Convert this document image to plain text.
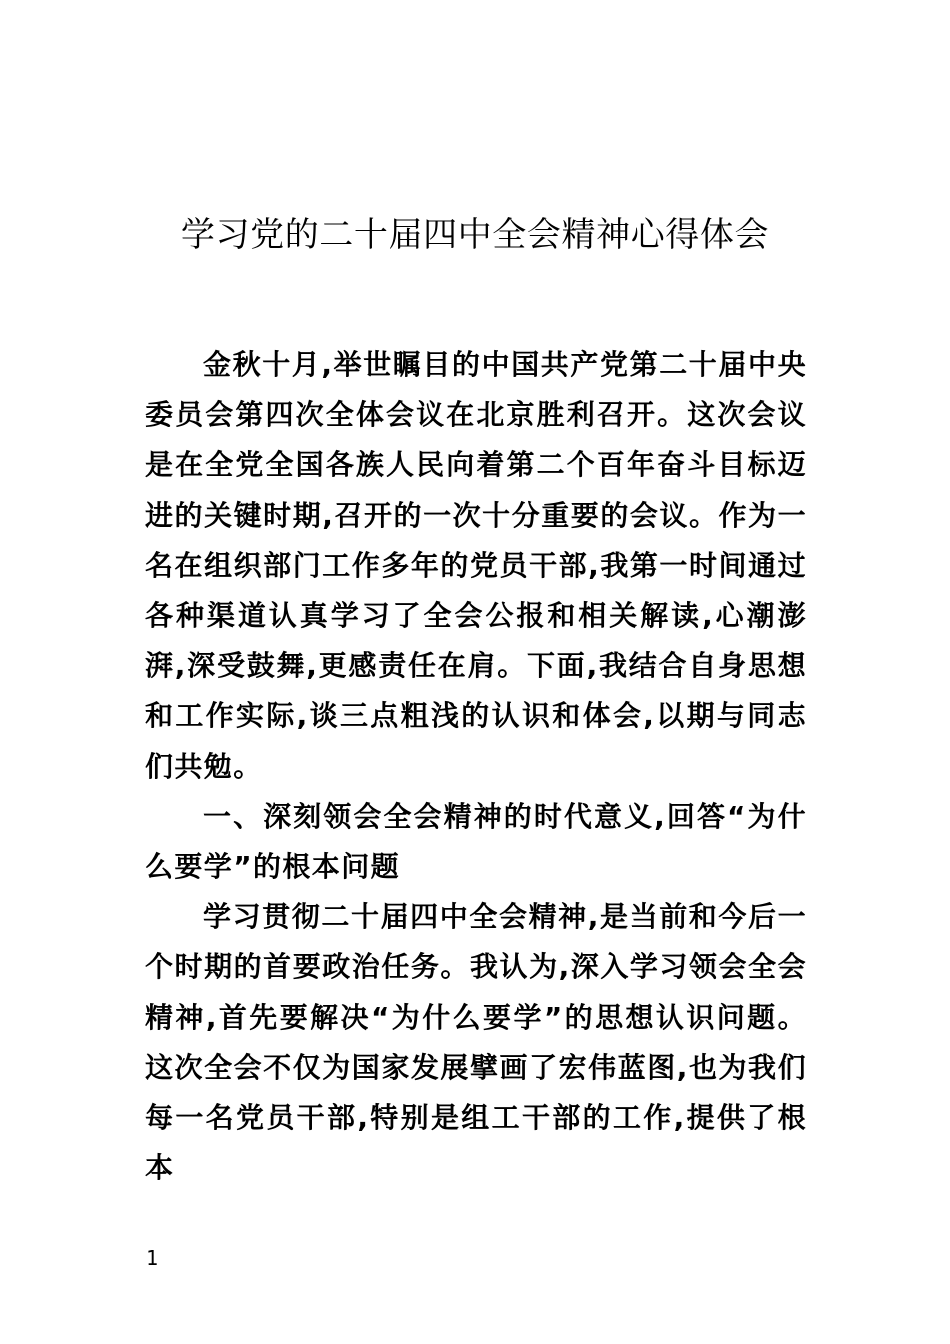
学习党的二十届四中全会精神心得体会

金秋十月,举世瞩目的中国共产党第二十届中央委员会第四次全体会议在北京胜利召开。这次会议是在全党全国各族人民向着第二个百年奋斗目标迈进的关键时期,召开的一次十分重要的会议。作为一名在组织部门工作多年的党员干部,我第一时间通过各种渠道认真学习了全会公报和相关解读,心潮澎湃,深受鼓舞,更感责任在肩。下面,我结合自身思想和工作实际,谈三点粗浅的认识和体会,以期与同志们共勉。

一、深刻领会全会精神的时代意义,回答“为什么要学”的根本问题

学习贯彻二十届四中全会精神,是当前和今后一个时期的首要政治任务。我认为,深入学习领会全会精神,首先要解决“为什么要学”的思想认识问题。这次全会不仅为国家发展擘画了宏伟蓝图,也为我们每一名党员干部,特别是组工干部的工作,提供了根本

1
